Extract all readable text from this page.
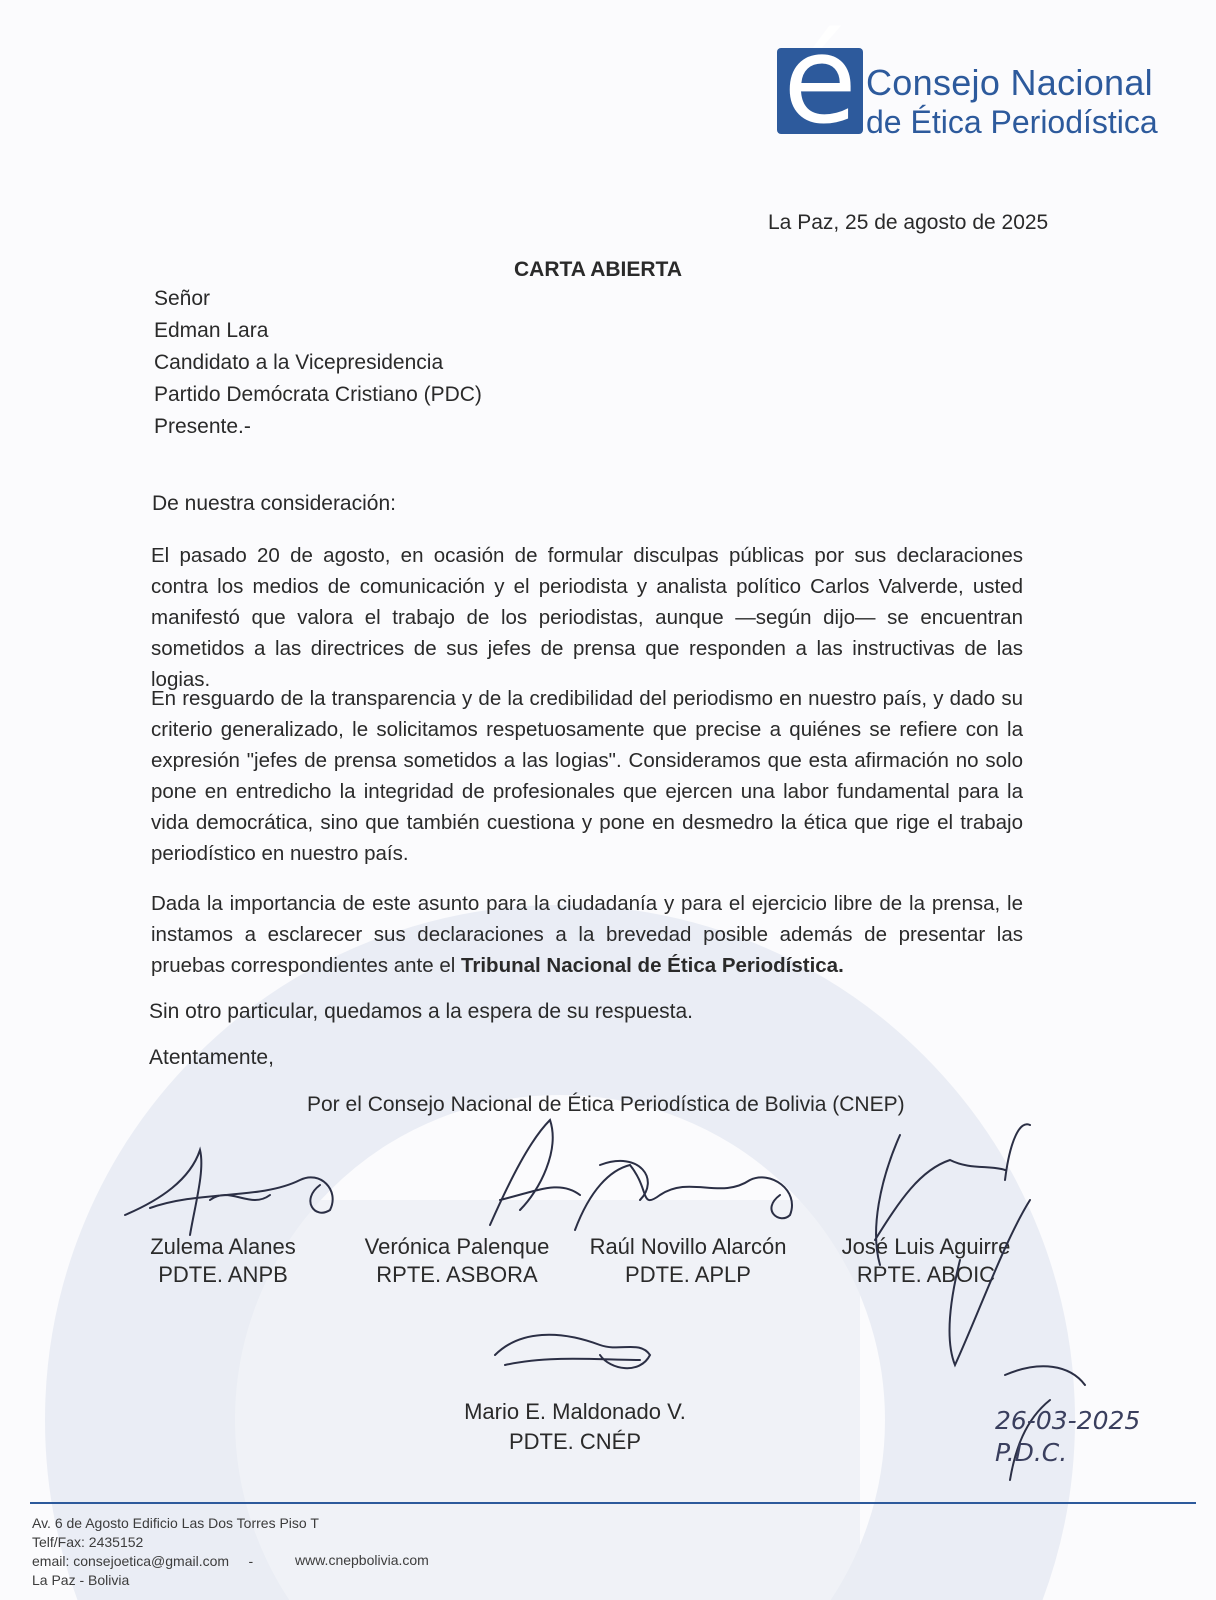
é Consejo Nacional
de Ética Periodística
La Paz, 25 de agosto de 2025
CARTA ABIERTA
Señor
Edman Lara
Candidato a la Vicepresidencia
Partido Demócrata Cristiano (PDC)
Presente.-
De nuestra consideración:
El pasado 20 de agosto, en ocasión de formular disculpas públicas por sus declaraciones contra los medios de comunicación y el periodista y analista político Carlos Valverde, usted manifestó que valora el trabajo de los periodistas, aunque —según dijo— se encuentran sometidos a las directrices de sus jefes de prensa que responden a las instructivas de las logias.
En resguardo de la transparencia y de la credibilidad del periodismo en nuestro país, y dado su criterio generalizado, le solicitamos respetuosamente que precise a quiénes se refiere con la expresión "jefes de prensa sometidos a las logias". Consideramos que esta afirmación no solo pone en entredicho la integridad de profesionales que ejercen una labor fundamental para la vida democrática, sino que también cuestiona y pone en desmedro la ética que rige el trabajo periodístico en nuestro país.
Dada la importancia de este asunto para la ciudadanía y para el ejercicio libre de la prensa, le instamos a esclarecer sus declaraciones a la brevedad posible además de presentar las pruebas correspondientes ante el Tribunal Nacional de Ética Periodística.
Sin otro particular, quedamos a la espera de su respuesta.
Atentamente,
Por el Consejo Nacional de Ética Periodística de Bolivia (CNEP)
Zulema Alanes
PDTE. ANPB
Verónica Palenque
RPTE. ASBORA
Raúl Novillo Alarcón
PDTE. APLP
José Luis Aguirre
RPTE. ABOIC
Mario E. Maldonado V.
PDTE. CNÉP
26-03-2025
P.D.C.
Av. 6 de Agosto Edificio Las Dos Torres Piso T
Telf/Fax: 2435152
email: consejoetica@gmail.com -
La Paz - Bolivia
www.cnepbolivia.com
